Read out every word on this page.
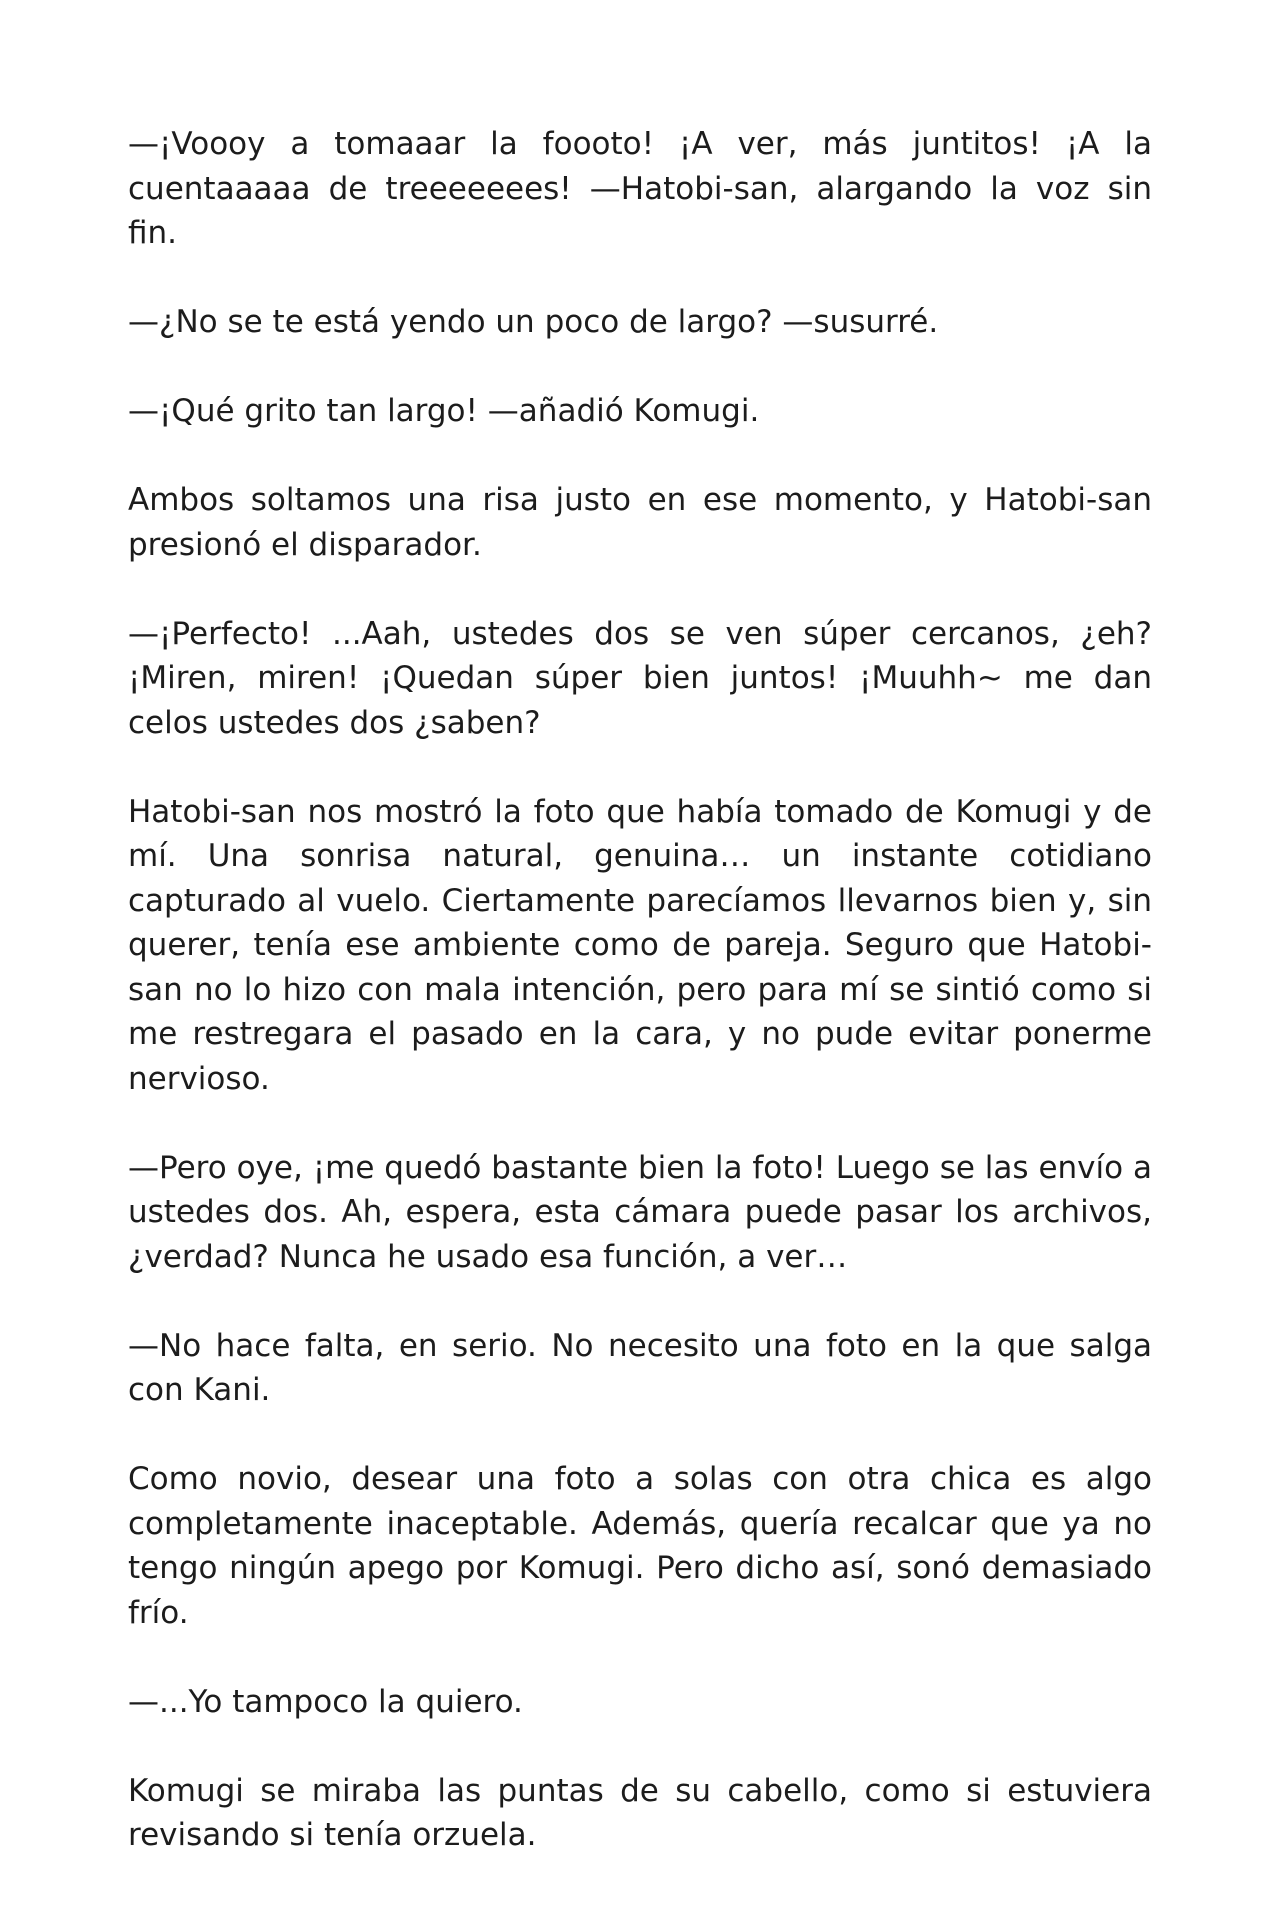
—¡Voooy a tomaaar la foooto! ¡A ver, más juntitos! ¡A la cuentaaaaa de treeeeeees! —Hatobi-san, alargando la voz sin fin.

—¿No se te está yendo un poco de largo? —susurré.

—¡Qué grito tan largo! —añadió Komugi.

Ambos soltamos una risa justo en ese momento, y Hatobi-san presionó el disparador.

—¡Perfecto! ...Aah, ustedes dos se ven súper cercanos, ¿eh? ¡Miren, miren! ¡Quedan súper bien juntos! ¡Muuhh~ me dan celos ustedes dos ¿saben?

Hatobi-san nos mostró la foto que había tomado de Komugi y de mí. Una sonrisa natural, genuina… un instante cotidiano capturado al vuelo. Ciertamente parecíamos llevarnos bien y, sin querer, tenía ese ambiente como de pareja. Seguro que Hatobi-san no lo hizo con mala intención, pero para mí se sintió como si me restregara el pasado en la cara, y no pude evitar ponerme nervioso.

—Pero oye, ¡me quedó bastante bien la foto! Luego se las envío a ustedes dos. Ah, espera, esta cámara puede pasar los archivos, ¿verdad? Nunca he usado esa función, a ver…

—No hace falta, en serio. No necesito una foto en la que salga con Kani.

Como novio, desear una foto a solas con otra chica es algo completamente inaceptable. Además, quería recalcar que ya no tengo ningún apego por Komugi. Pero dicho así, sonó demasiado frío.

—...Yo tampoco la quiero.

Komugi se miraba las puntas de su cabello, como si estuviera revisando si tenía orzuela.
